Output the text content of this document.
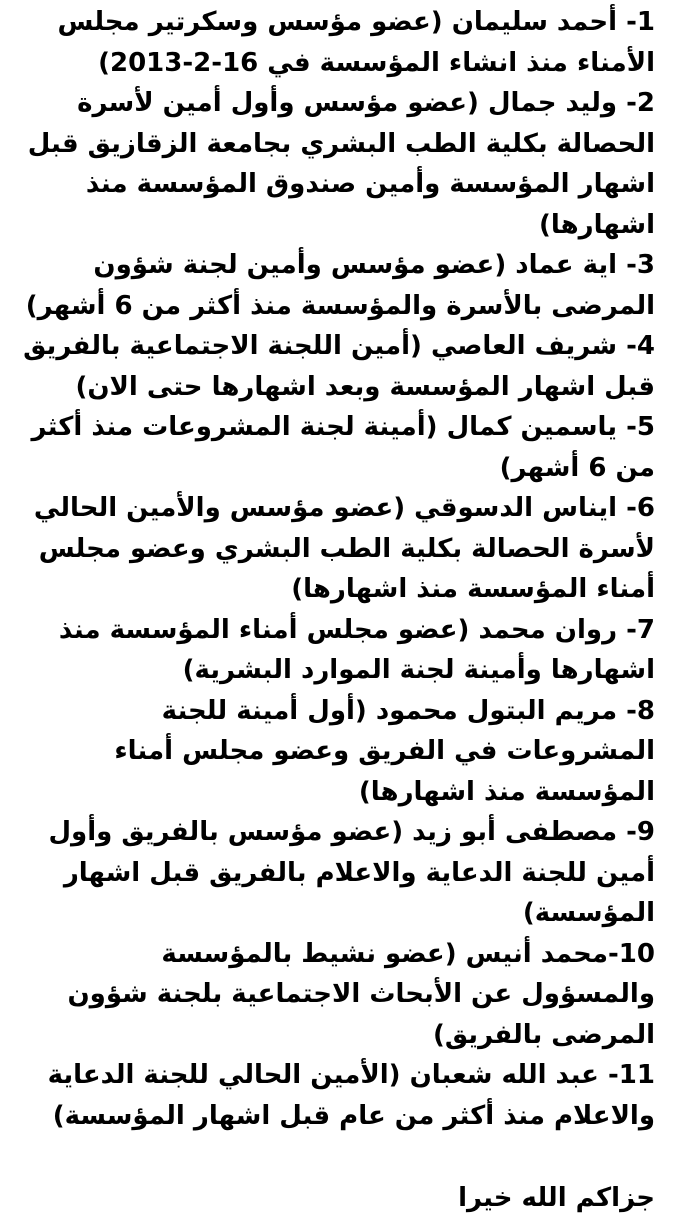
-1 أحمد سليمان (عضو مؤسس وسكرتير مجلس الأمناء منذ انشاء المؤسسة في 16-2-2013)

-2 وليد جمال (عضو مؤسس وأول أمين لأسرة الحصالة بكلية الطب البشري بجامعة الزقازيق قبل اشهار المؤسسة وأمين صندوق المؤسسة منذ اشهارها)

-3 اية عماد (عضو مؤسس وأمين لجنة شؤون المرضى بالأسرة والمؤسسة منذ أكثر من 6 أشهر)

-4 شريف العاصي (أمين اللجنة الاجتماعية بالفريق قبل اشهار المؤسسة وبعد اشهارها حتى الان)

-5 ياسمين كمال (أمينة لجنة المشروعات منذ أكثر من 6 أشهر)

-6 ايناس الدسوقي (عضو مؤسس والأمين الحالي لأسرة الحصالة بكلية الطب البشري وعضو مجلس أمناء المؤسسة منذ اشهارها)

-7 روان محمد (عضو مجلس أمناء المؤسسة منذ اشهارها وأمينة لجنة الموارد البشرية)

-8 مريم البتول محمود (أول أمينة للجنة المشروعات في الفريق وعضو مجلس أمناء المؤسسة منذ اشهارها)

-9 مصطفى أبو زيد (عضو مؤسس بالفريق وأول أمين للجنة الدعاية والاعلام بالفريق قبل اشهار المؤسسة)

-10محمد أنيس (عضو نشيط بالمؤسسة والمسؤول عن الأبحاث الاجتماعية بلجنة شؤون المرضى بالفريق)

-11 عبد الله شعبان (الأمين الحالي للجنة الدعاية والاعلام منذ أكثر من عام قبل اشهار المؤسسة)

جزاكم الله خيرا
